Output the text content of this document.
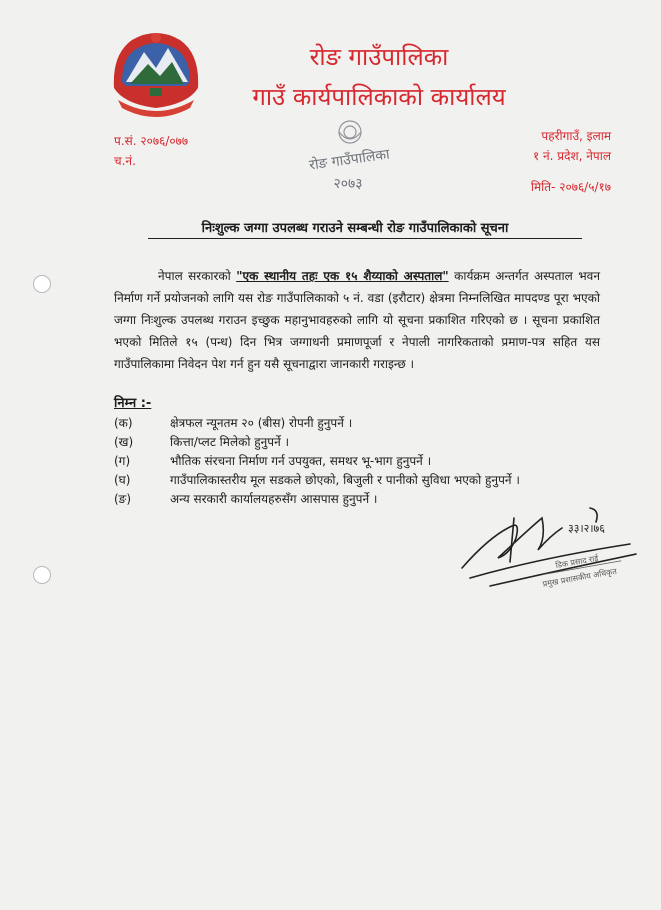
रोङ गाउँपालिका
गाउँ कार्यपालिकाको कार्यालय
प.सं. २०७६/०७७
च.नं.
पहरीगाउँ, इलाम
१ नं. प्रदेश, नेपाल
मिति- २०७६/५/१७
रोङ गाउँपालिका
२०७३
निःशुल्क जग्गा उपलब्ध गराउने सम्बन्धी रोङ गाउँपालिकाको सूचना
नेपाल सरकारको "एक स्थानीय तहः एक १५ शैय्याको अस्पताल" कार्यक्रम अन्तर्गत अस्पताल भवन निर्माण गर्ने प्रयोजनको लागि यस रोङ गाउँपालिकाको ५ नं. वडा (इरौटार) क्षेत्रमा निम्नलिखित मापदण्ड पूरा भएको जग्गा निःशुल्क उपलब्ध गराउन इच्छुक महानुभावहरुको लागि यो सूचना प्रकाशित गरिएको छ । सूचना प्रकाशित भएको मितिले १५ (पन्ध) दिन भित्र जग्गाधनी प्रमाणपूर्जा र नेपाली नागरिकताको प्रमाण-पत्र सहित यस गाउँपालिकामा निवेदन पेश गर्न हुन यसै सूचनाद्वारा जानकारी गराइन्छ ।
निम्न :-
(क)	क्षेत्रफल न्यूनतम २० (बीस) रोपनी हुनुपर्ने ।
(ख)	कित्ता/प्लट मिलेको हुनुपर्ने ।
(ग)	भौतिक संरचना निर्माण गर्न उपयुक्त, समथर भू-भाग हुनुपर्ने ।
(घ)	गाउँपालिकास्तरीय मूल सडकले छोएको, बिजुली र पानीको सुविधा भएको हुनुपर्ने ।
(ङ)	अन्य सरकारी कार्यालयहरुसँग आसपास हुनुपर्ने ।
३३।२।७६
डिक प्रसाद राई
प्रमुख प्रशासकीय अधिकृत
